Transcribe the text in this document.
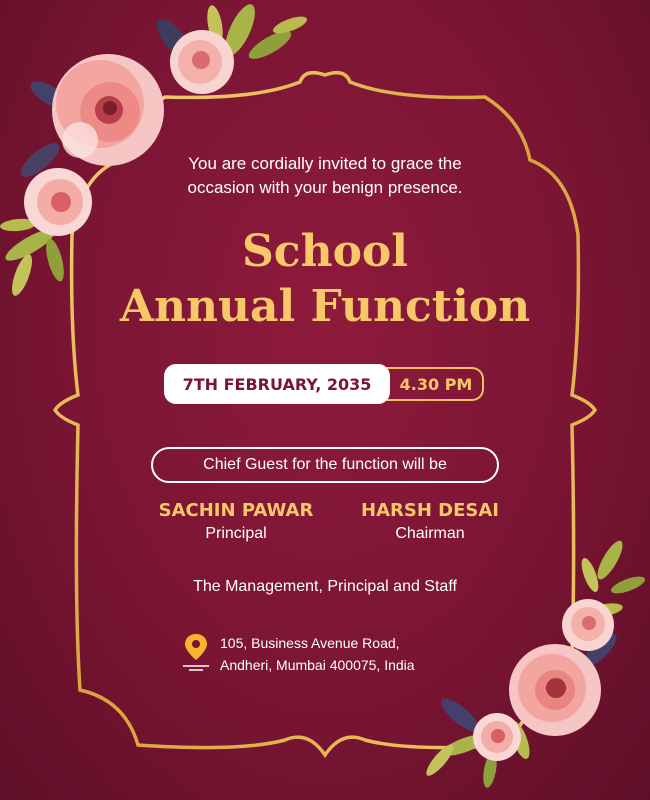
You are cordially invited to grace the
occasion with your benign presence.
School
Annual Function
4.30 PM
7TH FEBRUARY, 2035
Chief Guest for the function will be
SACHIN PAWAR
Principal
HARSH DESAI
Chairman
The Management, Principal and Staff
105, Business Avenue Road,
Andheri, Mumbai 400075, India
